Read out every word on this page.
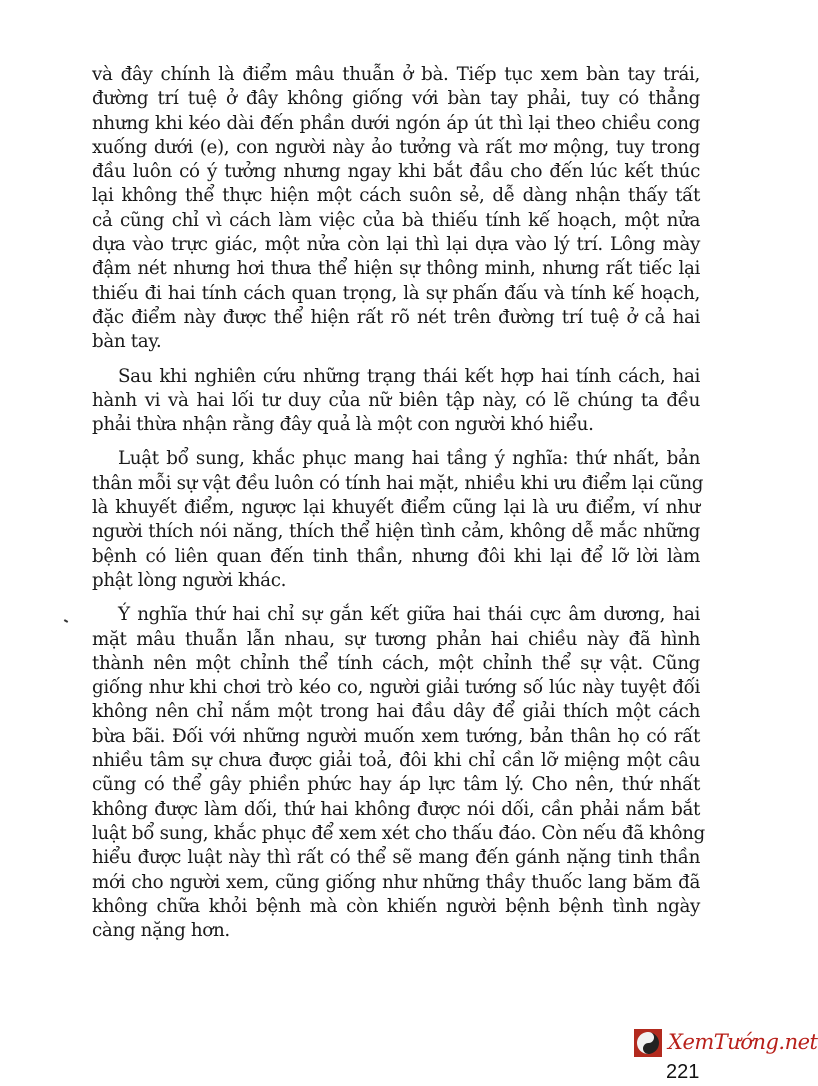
và đây chính là điểm mâu thuẫn ở bà. Tiếp tục xem bàn tay trái,
đường trí tuệ ở đây không giống với bàn tay phải, tuy có thẳng
nhưng khi kéo dài đến phần dưới ngón áp út thì lại theo chiều cong
xuống dưới (e), con người này ảo tưởng và rất mơ mộng, tuy trong
đầu luôn có ý tưởng nhưng ngay khi bắt đầu cho đến lúc kết thúc
lại không thể thực hiện một cách suôn sẻ, dễ dàng nhận thấy tất
cả cũng chỉ vì cách làm việc của bà thiếu tính kế hoạch, một nửa
dựa vào trực giác, một nửa còn lại thì lại dựa vào lý trí. Lông mày
đậm nét nhưng hơi thưa thể hiện sự thông minh, nhưng rất tiếc lại
thiếu đi hai tính cách quan trọng, là sự phấn đấu và tính kế hoạch,
đặc điểm này được thể hiện rất rõ nét trên đường trí tuệ ở cả hai
bàn tay.
Sau khi nghiên cứu những trạng thái kết hợp hai tính cách, hai
hành vi và hai lối tư duy của nữ biên tập này, có lẽ chúng ta đều
phải thừa nhận rằng đây quả là một con người khó hiểu.
Luật bổ sung, khắc phục mang hai tầng ý nghĩa: thứ nhất, bản
thân mỗi sự vật đều luôn có tính hai mặt, nhiều khi ưu điểm lại cũng
là khuyết điểm, ngược lại khuyết điểm cũng lại là ưu điểm, ví như
người thích nói năng, thích thể hiện tình cảm, không dễ mắc những
bệnh có liên quan đến tinh thần, nhưng đôi khi lại để lỡ lời làm
phật lòng người khác.
Ý nghĩa thứ hai chỉ sự gắn kết giữa hai thái cực âm dương, hai
mặt mâu thuẫn lẫn nhau, sự tương phản hai chiều này đã hình
thành nên một chỉnh thể tính cách, một chỉnh thể sự vật. Cũng
giống như khi chơi trò kéo co, người giải tướng số lúc này tuyệt đối
không nên chỉ nắm một trong hai đầu dây để giải thích một cách
bừa bãi. Đối với những người muốn xem tướng, bản thân họ có rất
nhiều tâm sự chưa được giải toả, đôi khi chỉ cần lỡ miệng một câu
cũng có thể gây phiền phức hay áp lực tâm lý. Cho nên, thứ nhất
không được làm dối, thứ hai không được nói dối, cần phải nắm bắt
luật bổ sung, khắc phục để xem xét cho thấu đáo. Còn nếu đã không
hiểu được luật này thì rất có thể sẽ mang đến gánh nặng tinh thần
mới cho người xem, cũng giống như những thầy thuốc lang băm đã
không chữa khỏi bệnh mà còn khiến người bệnh bệnh tình ngày
càng nặng hơn.
XemTướng.net
221
